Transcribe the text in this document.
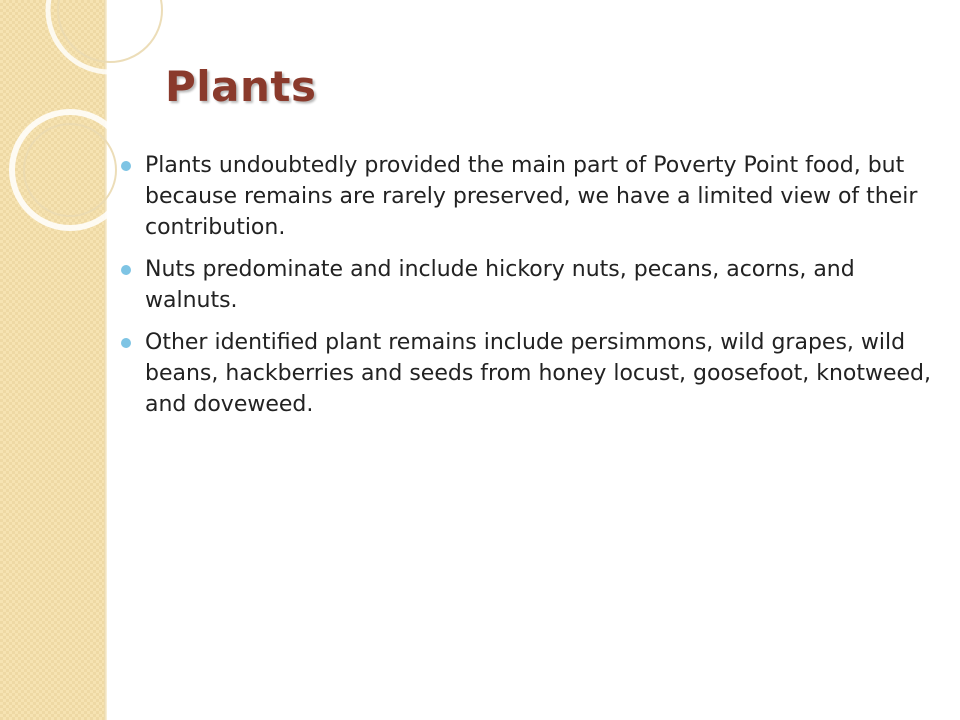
Plants
Plants undoubtedly provided the main part of Poverty Point food, but because remains are rarely preserved, we have a limited view of their contribution.
Nuts predominate and include hickory nuts, pecans, acorns, and walnuts.
Other identified plant remains include persimmons, wild grapes, wild beans, hackberries and seeds from honey locust, goosefoot, knotweed, and doveweed.
